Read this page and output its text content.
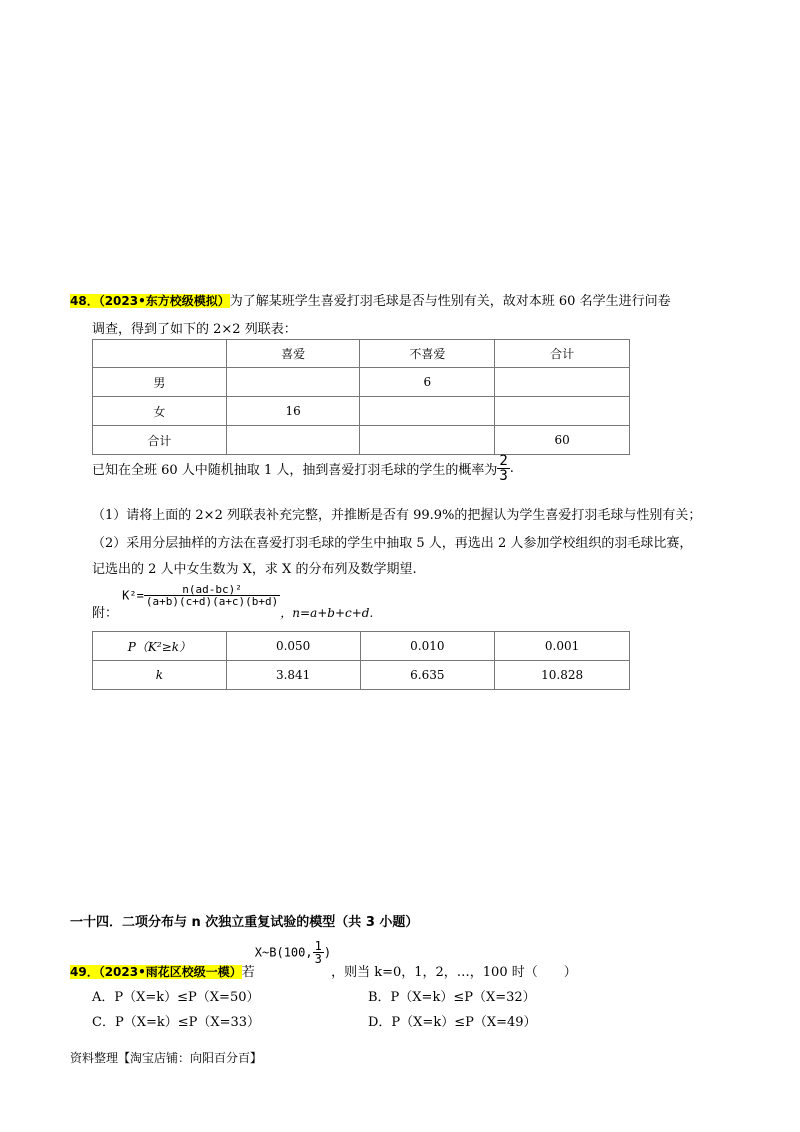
48．（2023•东方校级模拟）为了解某班学生喜爱打羽毛球是否与性别有关，故对本班 60 名学生进行问卷
调查，得到了如下的 2×2 列联表：
	喜爱	不喜爱	合计
男		6	
女	16		
合计			60
已知在全班 60 人中随机抽取 1 人，抽到喜爱打羽毛球的学生的概率为 $\frac{2}{3}$ .
（1）请将上面的 2×2 列联表补充完整，并推断是否有 99.9%的把握认为学生喜爱打羽毛球与性别有关；
（2）采用分层抽样的方法在喜爱打羽毛球的学生中抽取 5 人，再选出 2 人参加学校组织的羽毛球比赛，
记选出的 2 人中女生数为 X，求 X 的分布列及数学期望.
附： $K^2= \frac{\text{n(ad-bc)²}}{(a+b)(c+d)(a+c)(b+d)}$
，n=a+b+c+d.
P（K²≥k）	0.050	0.010	0.001
k	3.841	6.635	10.828
一十四．二项分布与 n 次独立重复试验的模型（共 3 小题）
49．（2023•雨花区校级一模）若X~B(100, $\frac{1}{3}$ )，则当 k=0，1，2，…，100 时（　　）
A．P（X=k）≤P（X=50）	B．P（X=k）≤P（X=32）
C．P（X=k）≤P（X=33）	D．P（X=k）≤P（X=49）
资料整理【淘宝店铺：向阳百分百】
